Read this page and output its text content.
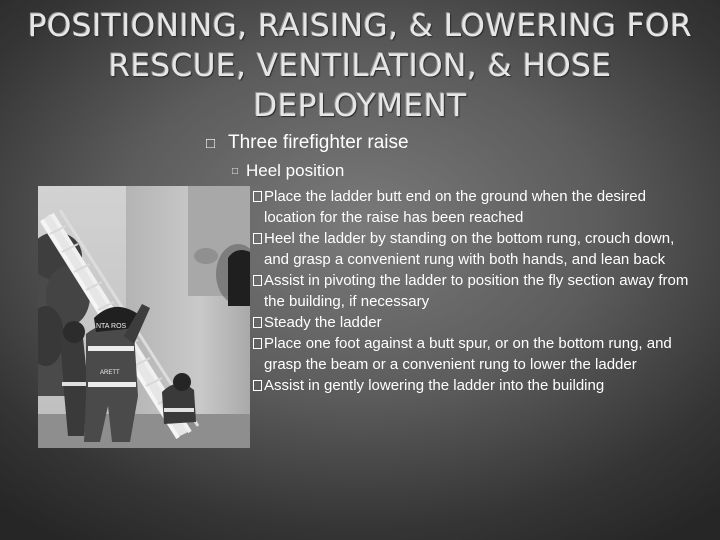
POSITIONING, RAISING, & LOWERING FOR
RESCUE, VENTILATION, & HOSE
DEPLOYMENT
□ Three firefighter raise
□ Heel position
Place the ladder butt end on the ground when the desired location for the raise has been reached
Heel the ladder by standing on the bottom rung, crouch down, and grasp a convenient rung with both hands, and lean back
Assist in pivoting the ladder to position the fly section away from the building, if necessary
Steady the ladder
Place one foot against a butt spur, or on the bottom rung, and grasp the beam or a convenient rung to lower the ladder
Assist in gently lowering the ladder into the building
NTA ROS
ARETT
